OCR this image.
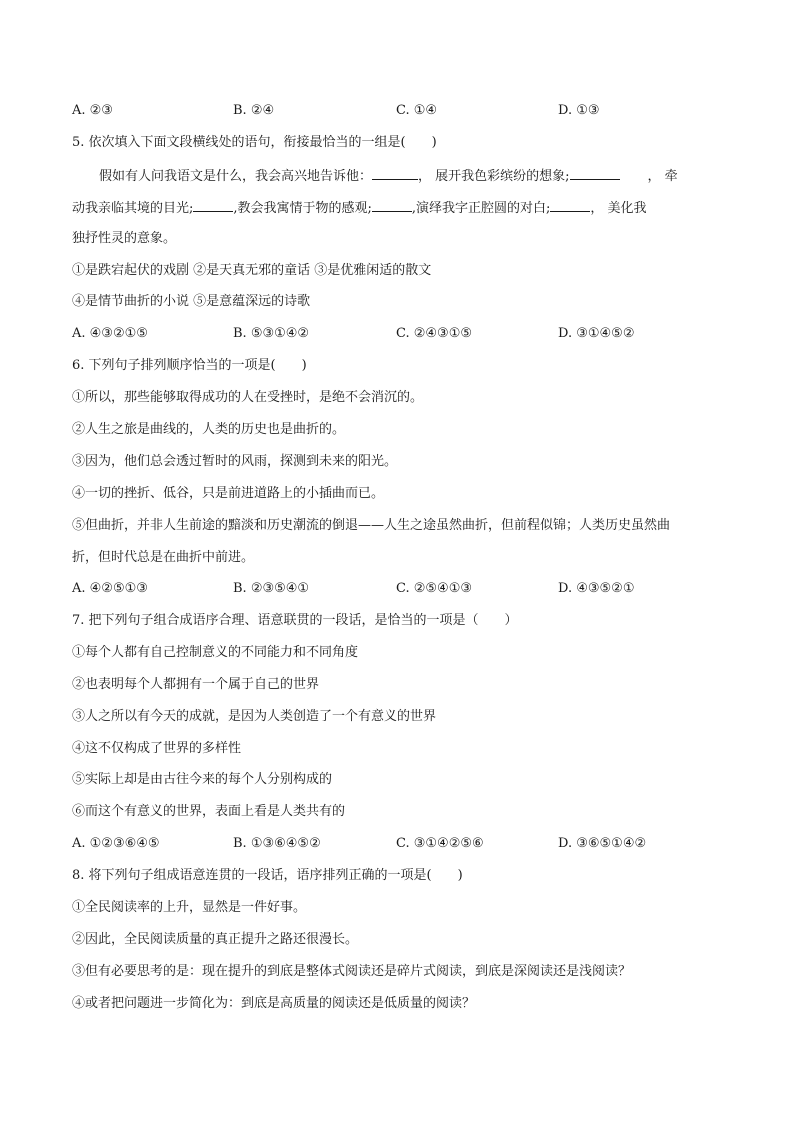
A. ②③	B. ②④	C. ①④	D. ①③
5. 依次填入下面文段横线处的语句，衔接最恰当的一组是(　　)
假如有人问我语文是什么，我会高兴地告诉他：	， 展开我色彩缤纷的想象;	， 牵
动我亲临其境的目光;	,教会我寓情于物的感观;	,演绎我字正腔圆的对白;	， 美化我
独抒性灵的意象。
①是跌宕起伏的戏剧 ②是天真无邪的童话 ③是优雅闲适的散文
④是情节曲折的小说 ⑤是意蕴深远的诗歌
A. ④③②①⑤	B. ⑤③①④②	C. ②④③①⑤	D. ③①④⑤②
6. 下列句子排列顺序恰当的一项是(　　)
①所以，那些能够取得成功的人在受挫时，是绝不会消沉的。
②人生之旅是曲线的，人类的历史也是曲折的。
③因为，他们总会透过暂时的风雨，探测到未来的阳光。
④一切的挫折、低谷，只是前进道路上的小插曲而已。
⑤但曲折，并非人生前途的黯淡和历史潮流的倒退——人生之途虽然曲折，但前程似锦；人类历史虽然曲
折，但时代总是在曲折中前进。
A. ④②⑤①③	B. ②③⑤④①	C. ②⑤④①③	D. ④③⑤②①
7. 把下列句子组合成语序合理、语意联贯的一段话，是恰当的一项是（　　）
①每个人都有自己控制意义的不同能力和不同角度
②也表明每个人都拥有一个属于自己的世界
③人之所以有今天的成就，是因为人类创造了一个有意义的世界
④这不仅构成了世界的多样性
⑤实际上却是由古往今来的每个人分别构成的
⑥而这个有意义的世界，表面上看是人类共有的
A. ①②③⑥④⑤	B. ①③⑥④⑤②	C. ③①④②⑤⑥	D. ③⑥⑤①④②
8. 将下列句子组成语意连贯的一段话，语序排列正确的一项是(　　)
①全民阅读率的上升，显然是一件好事。
②因此，全民阅读质量的真正提升之路还很漫长。
③但有必要思考的是：现在提升的到底是整体式阅读还是碎片式阅读，到底是深阅读还是浅阅读？
④或者把问题进一步简化为：到底是高质量的阅读还是低质量的阅读？
